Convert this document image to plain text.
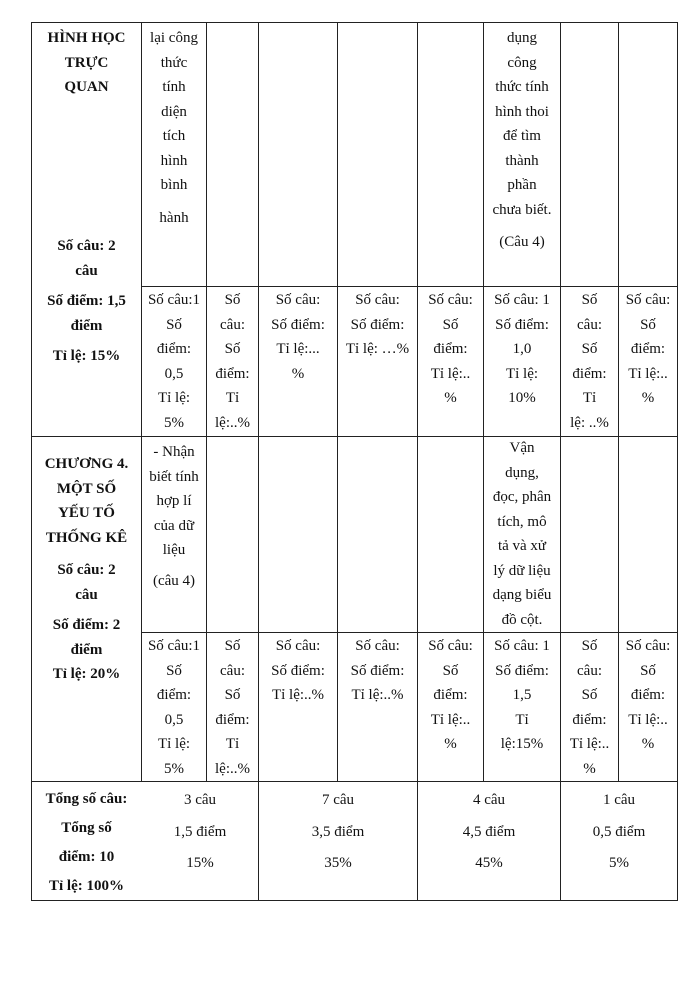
HÌNH HỌC
TRỰC
QUAN
Số câu: 2
câu
Số điểm: 1,5
điểm
Tỉ lệ: 15%
lại công
thức
tính
diện
tích
hình
bình
hành
dụng
công
thức tính
hình thoi
để tìm
thành
phần
chưa biết.
(Câu 4)
Số câu:1
Số
điểm:
0,5
Tỉ lệ:
5%
Số
câu:
Số
điểm:
Tỉ
lệ:..%
Số câu:
Số điểm:
Tỉ lệ:...
%
Số câu:
Số điểm:
Tỉ lệ: …%
Số câu:
Số
điểm:
Tỉ lệ:..
%
Số câu: 1
Số điểm:
1,0
Tỉ lệ:
10%
Số
câu:
Số
điểm:
Tỉ
lệ: ..%
Số câu:
Số
điểm:
Tỉ lệ:..
%
CHƯƠNG 4.
MỘT SỐ
YẾU TỐ
THỐNG KÊ
Số câu: 2
câu
Số điểm: 2
điểm
Tỉ lệ: 20%
- Nhận
biết tính
hợp lí
của dữ
liệu
(câu 4)
Vận
dụng,
đọc, phân
tích, mô
tả và xử
lý dữ liệu
dạng biểu
đồ cột.
Số câu:1
Số
điểm:
0,5
Tỉ lệ:
5%
Số
câu:
Số
điểm:
Tỉ
lệ:..%
Số câu:
Số điểm:
Tỉ lệ:..%
Số câu:
Số điểm:
Tỉ lệ:..%
Số câu:
Số
điểm:
Tỉ lệ:..
%
Số câu: 1
Số điểm:
1,5
Tỉ
lệ:15%
Số
câu:
Số
điểm:
Tỉ lệ:..
%
Số câu:
Số
điểm:
Tỉ lệ:..
%
Tổng số câu:
Tổng số
điểm: 10
Tỉ lệ: 100%
3 câu
1,5 điểm
15%
7 câu
3,5 điểm
35%
4 câu
4,5 điểm
45%
1 câu
0,5 điểm
5%
